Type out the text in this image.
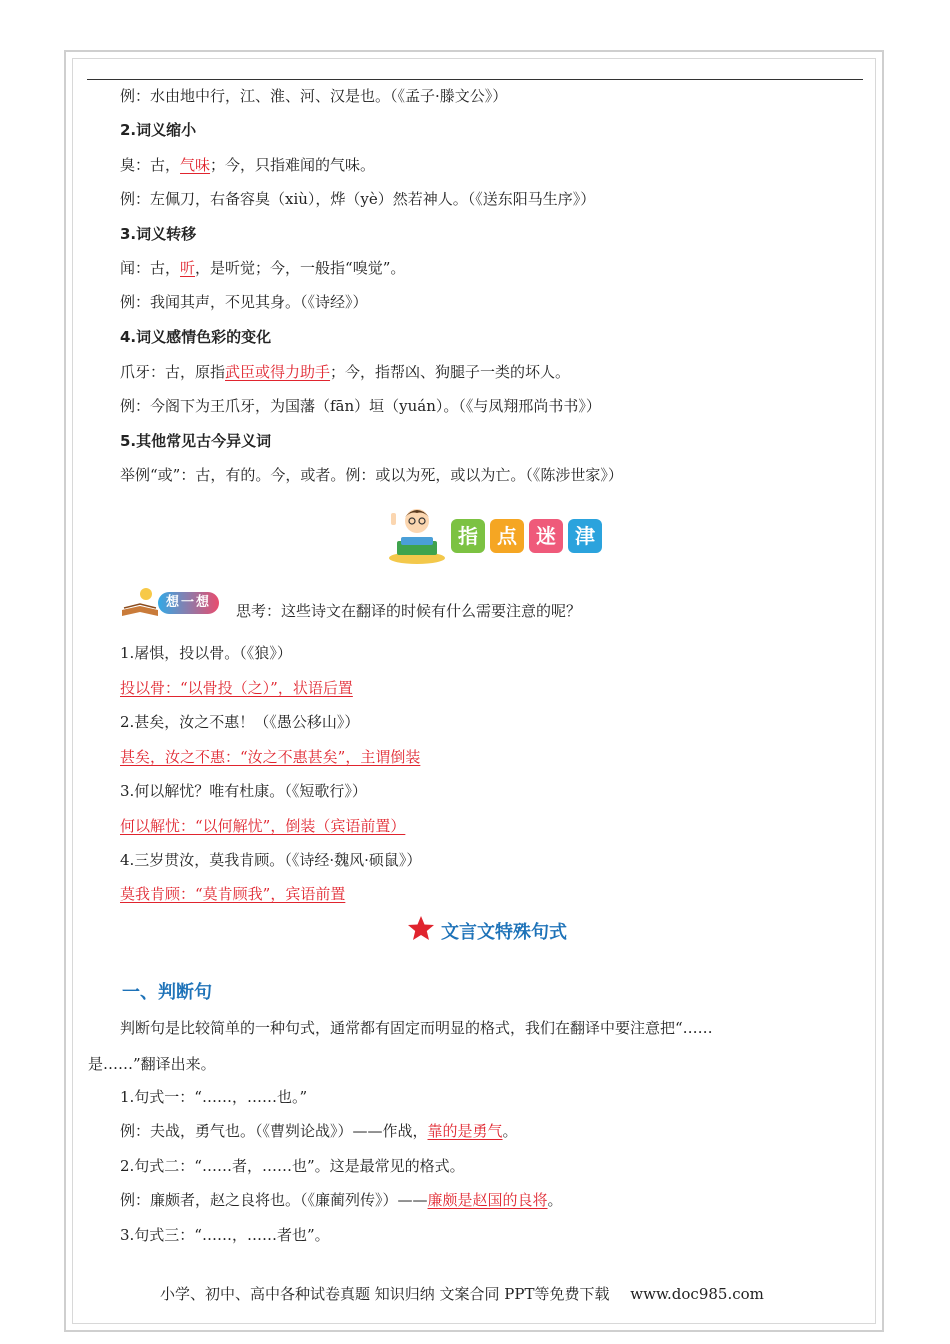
例：水由地中行，江、淮、河、汉是也。（《孟子·滕文公》）
2.词义缩小
臭：古，气味；今，只指难闻的气味。
例：左佩刀，右备容臭（xiù），烨（yè）然若神人。（《送东阳马生序》）
3.词义转移
闻：古，听，是听觉；今，一般指“嗅觉”。
例：我闻其声，不见其身。（《诗经》）
4.词义感情色彩的变化
爪牙：古，原指武臣或得力助手；今，指帮凶、狗腿子一类的坏人。
例：今阁下为王爪牙，为国藩（fān）垣（yuán）。（《与凤翔邢尚书书》）
5.其他常见古今异义词
举例“或”：古，有的。今，或者。例：或以为死，或以为亡。（《陈涉世家》）
指 点 迷 津
想一想	思考：这些诗文在翻译的时候有什么需要注意的呢？
1.屠惧，投以骨。（《狼》）
投以骨：“以骨投（之）”，状语后置
2.甚矣，汝之不惠！（《愚公移山》）
甚矣，汝之不惠：“汝之不惠甚矣”，主谓倒装
3.何以解忧？唯有杜康。（《短歌行》）
何以解忧：“以何解忧”，倒装（宾语前置）
4.三岁贯汝，莫我肯顾。（《诗经·魏风·硕鼠》）
莫我肯顾：“莫肯顾我”，宾语前置
文言文特殊句式
一、判断句
判断句是比较简单的一种句式，通常都有固定而明显的格式，我们在翻译中要注意把“……
是……”翻译出来。
1.句式一：“……，……也。”
例：夫战，勇气也。（《曹刿论战》）——作战，靠的是勇气。
2.句式二：“……者，……也”。这是最常见的格式。
例：廉颇者，赵之良将也。（《廉蔺列传》）——廉颇是赵国的良将。
3.句式三：“……，……者也”。
小学、初中、高中各种试卷真题 知识归纳 文案合同 PPT等免费下载 www.doc985.com
